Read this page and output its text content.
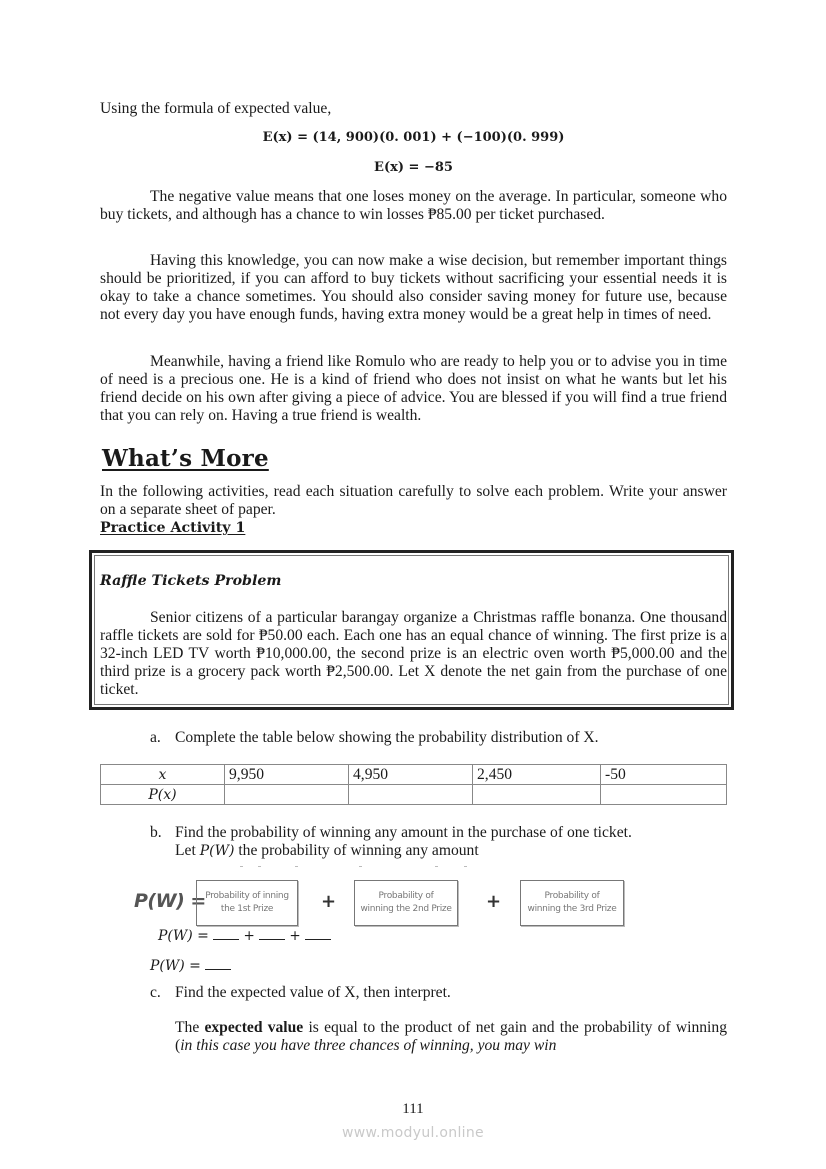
Using the formula of expected value,
E(x) = (14, 900)(0. 001) + (−100)(0. 999)
E(x) = −85
The negative value means that one loses money on the average. In particular, someone who buy tickets, and although has a chance to win losses ₱85.00 per ticket purchased.
Having this knowledge, you can now make a wise decision, but remember important things should be prioritized, if you can afford to buy tickets without sacrificing your essential needs it is okay to take a chance sometimes. You should also consider saving money for future use, because not every day you have enough funds, having extra money would be a great help in times of need.
Meanwhile, having a friend like Romulo who are ready to help you or to advise you in time of need is a precious one. He is a kind of friend who does not insist on what he wants but let his friend decide on his own after giving a piece of advice. You are blessed if you will find a true friend that you can rely on. Having a true friend is wealth.
What’s More
In the following activities, read each situation carefully to solve each problem. Write your answer on a separate sheet of paper.
Practice Activity 1
Raffle Tickets Problem
Senior citizens of a particular barangay organize a Christmas raffle bonanza. One thousand raffle tickets are sold for ₱50.00 each. Each one has an equal chance of winning. The first prize is a 32-inch LED TV worth ₱10,000.00, the second prize is an electric oven worth ₱5,000.00 and the third prize is a grocery pack worth ₱2,500.00. Let X denote the net gain from the purchase of one ticket.
a. Complete the table below showing the probability distribution of X.
x	9,950	4,950	2,450	-50
P(x)				
b. Find the probability of winning any amount in the purchase of one ticket.
Let P(W) the probability of winning any amount
P(W) = Probability of inning
the 1st Prize	+	Probability of
winning the 2nd Prize +	Probability of
winning the 3rd Prize
P(W) =	+	+
P(W) =
c. Find the expected value of X, then interpret.
The expected value is equal to the product of net gain and the probability of winning (in this case you have three chances of winning, you may win
111
www.modyul.online
